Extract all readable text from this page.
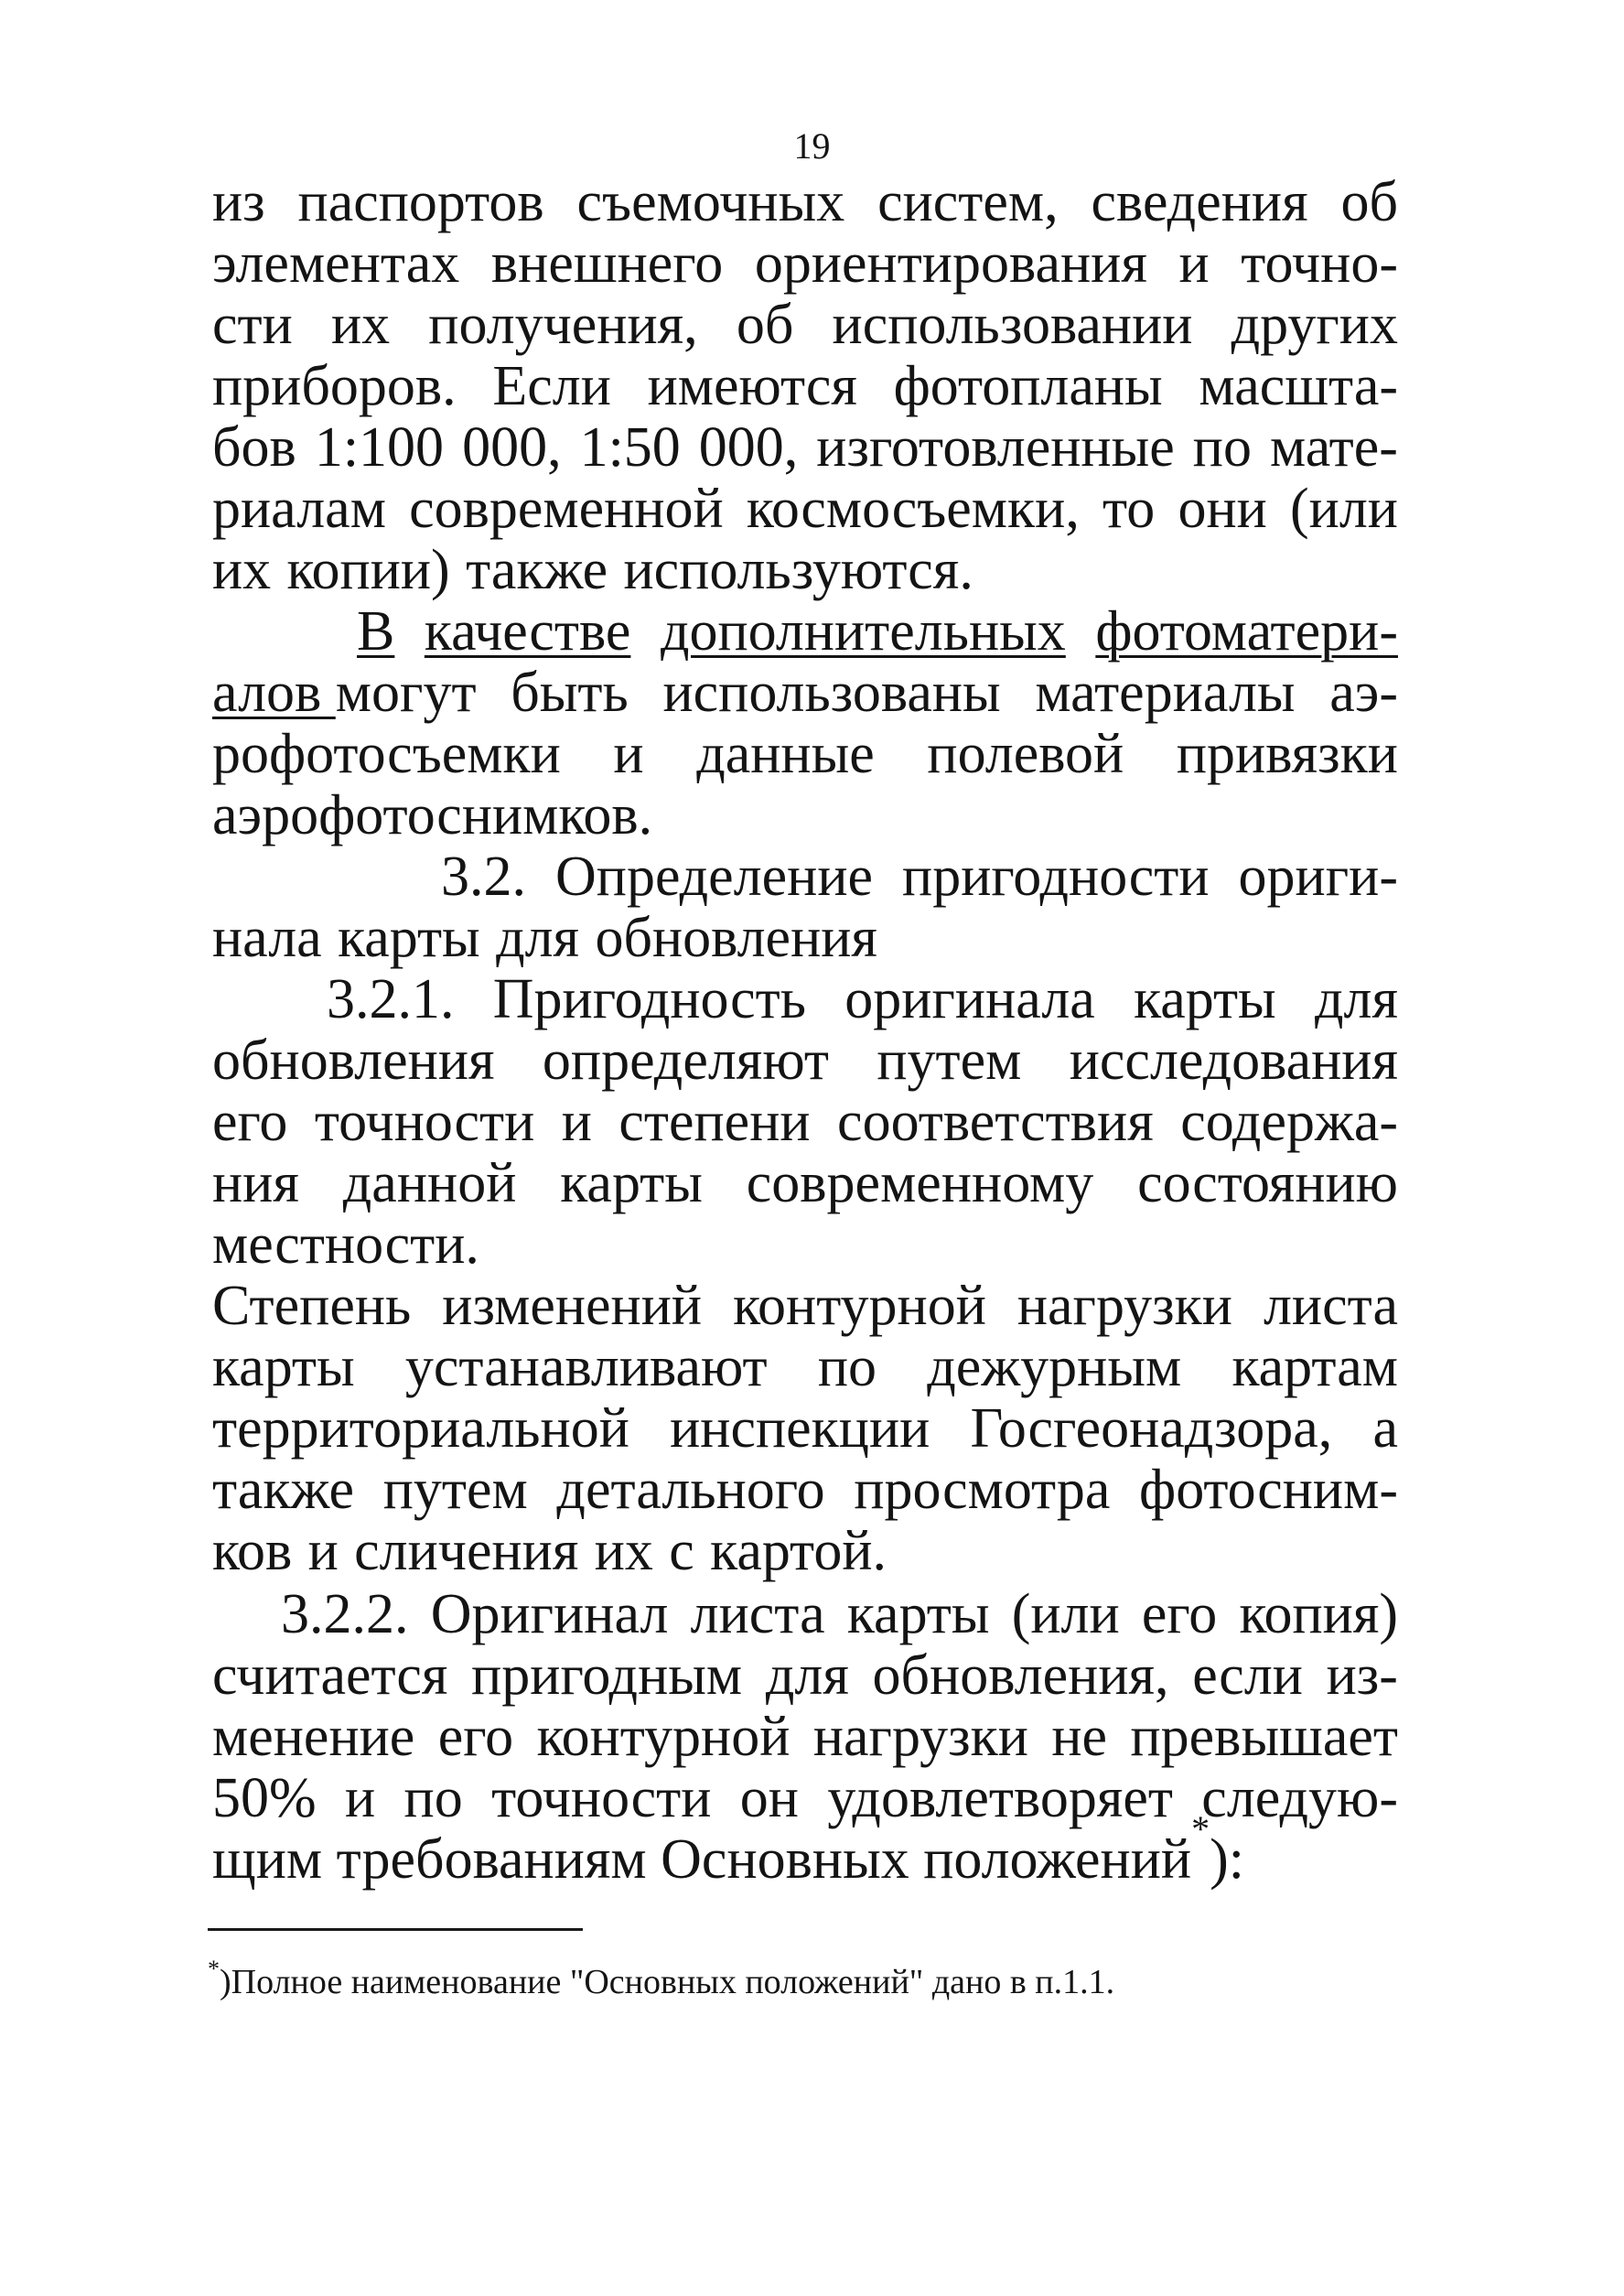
19
из паспортов съемочных систем, сведения об
элементах внешнего ориентирования и точно-
сти их получения, об использовании других
приборов. Если имеются фотопланы масшта-
бов 1:100 000, 1:50 000, изготовленные по мате-
риалам современной космосъемки, то они (или
их копии) также используются.
В качестве дополнительных фотоматери-
алов могут быть использованы материалы аэ-
рофотосъемки и данные полевой привязки
аэрофотоснимков.
3.2. Определение пригодности ориги-
нала карты для обновления
3.2.1. Пригодность оригинала карты для
обновления определяют путем исследования
его точности и степени соответствия содержа-
ния данной карты современному состоянию
местности.
Степень изменений контурной нагрузки листа
карты устанавливают по дежурным картам
территориальной инспекции Госгеонадзора, а
также путем детального просмотра фотосним-
ков и сличения их с картой.
3.2.2. Оригинал листа карты (или его копия)
считается пригодным для обновления, если из-
менение его контурной нагрузки не превышает
50% и по точности он удовлетворяет следую-
щим требованиям Основных положений * ):
*)Полное наименование "Основных положений" дано в п.1.1.
